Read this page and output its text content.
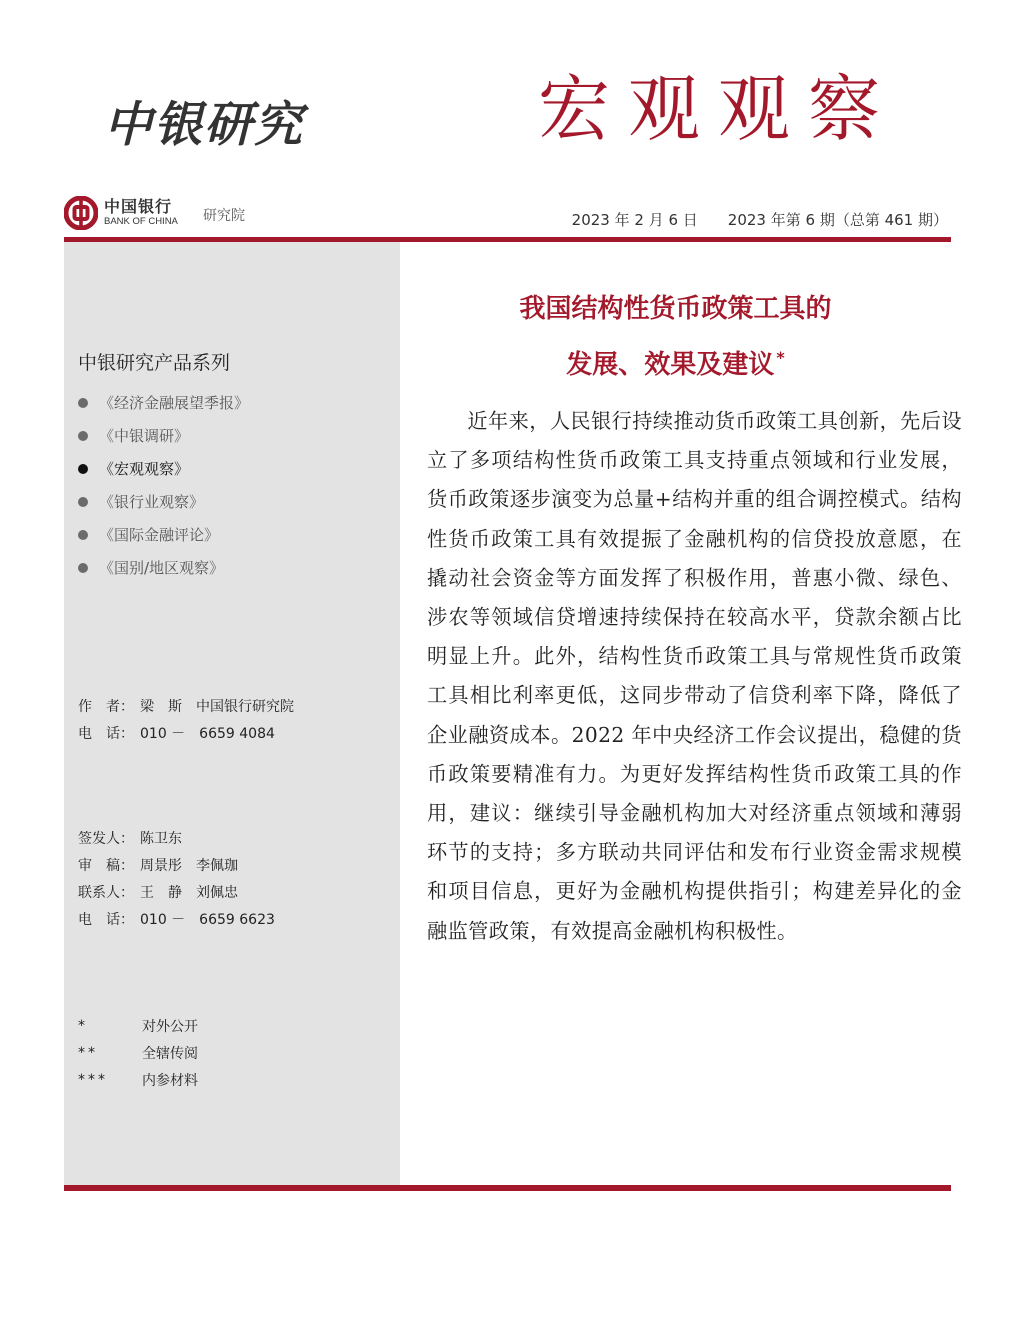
中银研究	宏观观察
中国银行
BANK OF CHINA 研究院	2023 年 2 月 6 日　　 2023 年第 6 期（总第 461 期）
中银研究产品系列
《经济金融展望季报》
《中银调研》
《宏观观察》
《银行业观察》
《国际金融评论》
《国别/地区观察》
作　者： 梁　斯　中国银行研究院
电　话： 010 －　6659 4084
签发人： 陈卫东
审　稿： 周景彤　李佩珈
联系人： 王　静　刘佩忠
电　话： 010 －　6659 6623
*	对外公开
**	全辖传阅
***	内参材料
我国结构性货币政策工具的
发展、效果及建议 *

近年来，人民银行持续推动货币政策工具创新，先后设立了多项结构性货币政策工具支持重点领域和行业发展，货币政策逐步演变为总量+结构并重的组合调控模式。结构性货币政策工具有效提振了金融机构的信贷投放意愿，在撬动社会资金等方面发挥了积极作用，普惠小微、绿色、涉农等领域信贷增速持续保持在较高水平，贷款余额占比明显上升。此外，结构性货币政策工具与常规性货币政策工具相比利率更低，这同步带动了信贷利率下降，降低了企业融资成本。2022 年中央经济工作会议提出，稳健的货币政策要精准有力。为更好发挥结构性货币政策工具的作用，建议：继续引导金融机构加大对经济重点领域和薄弱环节的支持；多方联动共同评估和发布行业资金需求规模和项目信息，更好为金融机构提供指引；构建差异化的金融监管政策，有效提高金融机构积极性。
